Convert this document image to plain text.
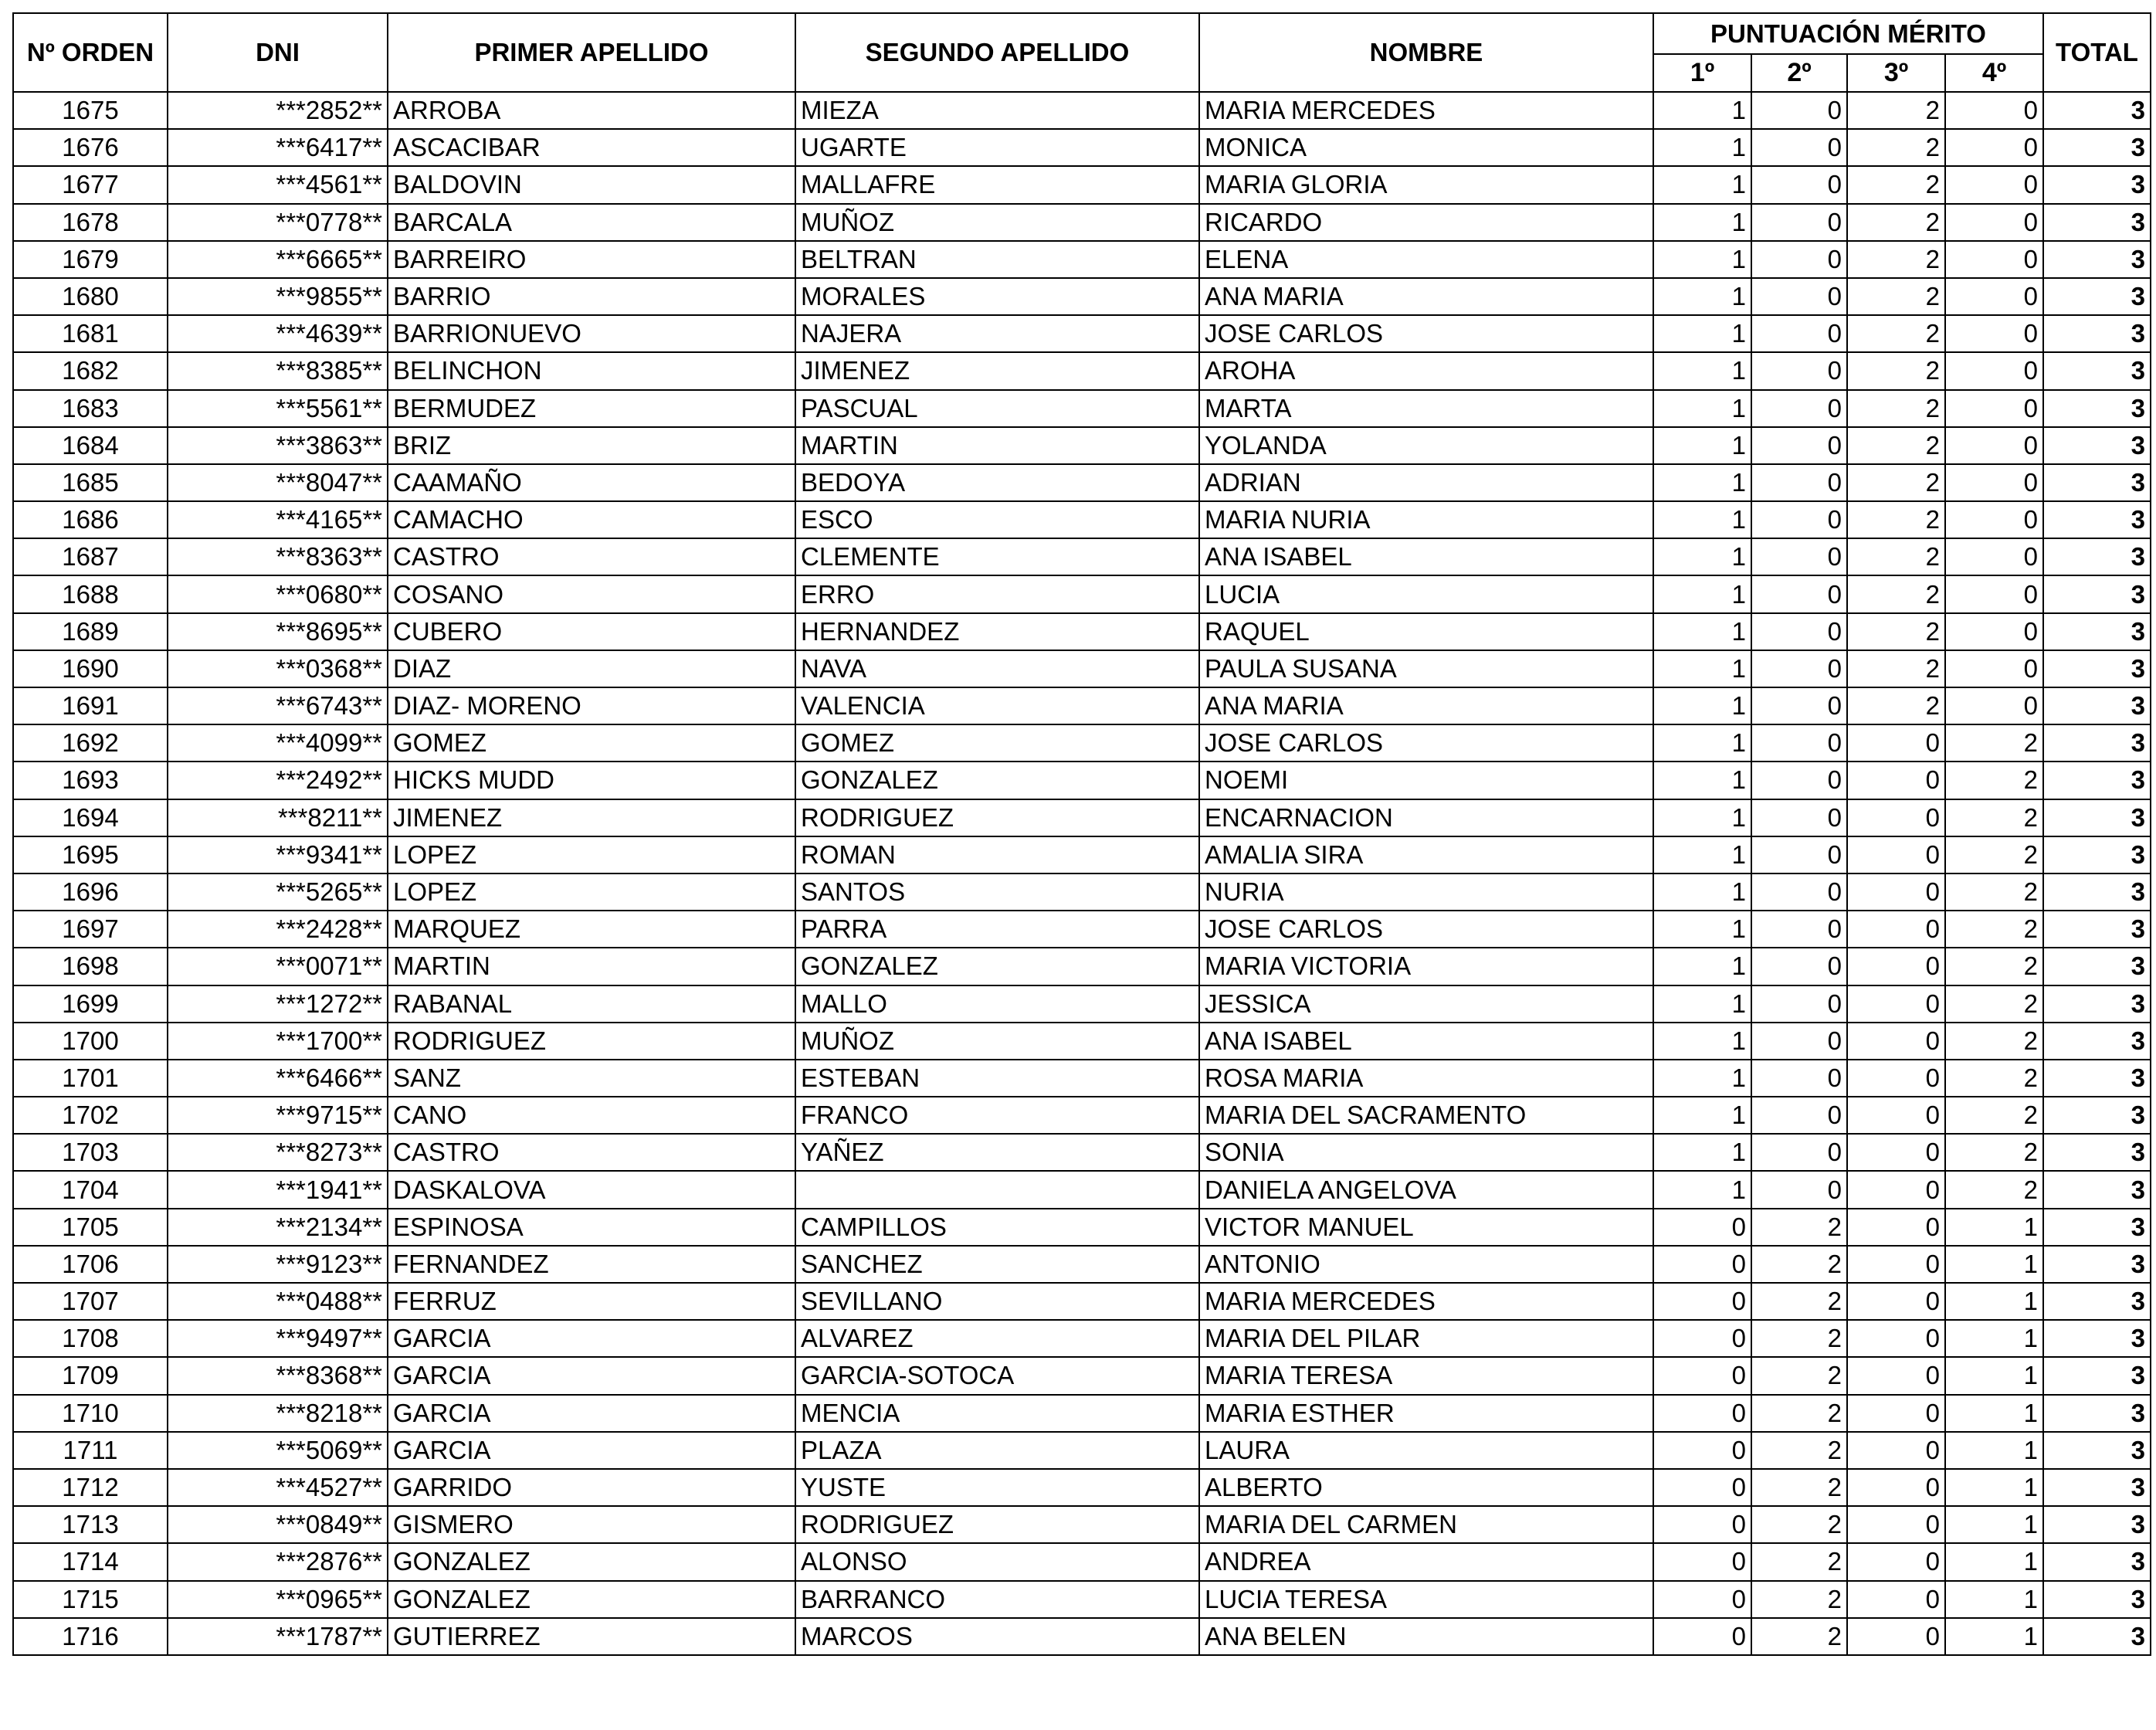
Nº ORDEN	DNI	PRIMER APELLIDO	SEGUNDO APELLIDO	NOMBRE	PUNTUACIÓN MÉRITO				TOTAL
					1º	2º	3º	4º	
1675	***2852**	ARROBA	MIEZA	MARIA MERCEDES	1	0	2	0	3
1676	***6417**	ASCACIBAR	UGARTE	MONICA	1	0	2	0	3
1677	***4561**	BALDOVIN	MALLAFRE	MARIA GLORIA	1	0	2	0	3
1678	***0778**	BARCALA	MUÑOZ	RICARDO	1	0	2	0	3
1679	***6665**	BARREIRO	BELTRAN	ELENA	1	0	2	0	3
1680	***9855**	BARRIO	MORALES	ANA MARIA	1	0	2	0	3
1681	***4639**	BARRIONUEVO	NAJERA	JOSE CARLOS	1	0	2	0	3
1682	***8385**	BELINCHON	JIMENEZ	AROHA	1	0	2	0	3
1683	***5561**	BERMUDEZ	PASCUAL	MARTA	1	0	2	0	3
1684	***3863**	BRIZ	MARTIN	YOLANDA	1	0	2	0	3
1685	***8047**	CAAMAÑO	BEDOYA	ADRIAN	1	0	2	0	3
1686	***4165**	CAMACHO	ESCO	MARIA NURIA	1	0	2	0	3
1687	***8363**	CASTRO	CLEMENTE	ANA ISABEL	1	0	2	0	3
1688	***0680**	COSANO	ERRO	LUCIA	1	0	2	0	3
1689	***8695**	CUBERO	HERNANDEZ	RAQUEL	1	0	2	0	3
1690	***0368**	DIAZ	NAVA	PAULA SUSANA	1	0	2	0	3
1691	***6743**	DIAZ- MORENO	VALENCIA	ANA MARIA	1	0	2	0	3
1692	***4099**	GOMEZ	GOMEZ	JOSE CARLOS	1	0	0	2	3
1693	***2492**	HICKS MUDD	GONZALEZ	NOEMI	1	0	0	2	3
1694	***8211**	JIMENEZ	RODRIGUEZ	ENCARNACION	1	0	0	2	3
1695	***9341**	LOPEZ	ROMAN	AMALIA SIRA	1	0	0	2	3
1696	***5265**	LOPEZ	SANTOS	NURIA	1	0	0	2	3
1697	***2428**	MARQUEZ	PARRA	JOSE CARLOS	1	0	0	2	3
1698	***0071**	MARTIN	GONZALEZ	MARIA VICTORIA	1	0	0	2	3
1699	***1272**	RABANAL	MALLO	JESSICA	1	0	0	2	3
1700	***1700**	RODRIGUEZ	MUÑOZ	ANA ISABEL	1	0	0	2	3
1701	***6466**	SANZ	ESTEBAN	ROSA MARIA	1	0	0	2	3
1702	***9715**	CANO	FRANCO	MARIA DEL SACRAMENTO	1	0	0	2	3
1703	***8273**	CASTRO	YAÑEZ	SONIA	1	0	0	2	3
1704	***1941**	DASKALOVA		DANIELA ANGELOVA	1	0	0	2	3
1705	***2134**	ESPINOSA	CAMPILLOS	VICTOR MANUEL	0	2	0	1	3
1706	***9123**	FERNANDEZ	SANCHEZ	ANTONIO	0	2	0	1	3
1707	***0488**	FERRUZ	SEVILLANO	MARIA MERCEDES	0	2	0	1	3
1708	***9497**	GARCIA	ALVAREZ	MARIA DEL PILAR	0	2	0	1	3
1709	***8368**	GARCIA	GARCIA-SOTOCA	MARIA TERESA	0	2	0	1	3
1710	***8218**	GARCIA	MENCIA	MARIA ESTHER	0	2	0	1	3
1711	***5069**	GARCIA	PLAZA	LAURA	0	2	0	1	3
1712	***4527**	GARRIDO	YUSTE	ALBERTO	0	2	0	1	3
1713	***0849**	GISMERO	RODRIGUEZ	MARIA DEL CARMEN	0	2	0	1	3
1714	***2876**	GONZALEZ	ALONSO	ANDREA	0	2	0	1	3
1715	***0965**	GONZALEZ	BARRANCO	LUCIA TERESA	0	2	0	1	3
1716	***1787**	GUTIERREZ	MARCOS	ANA BELEN	0	2	0	1	3
